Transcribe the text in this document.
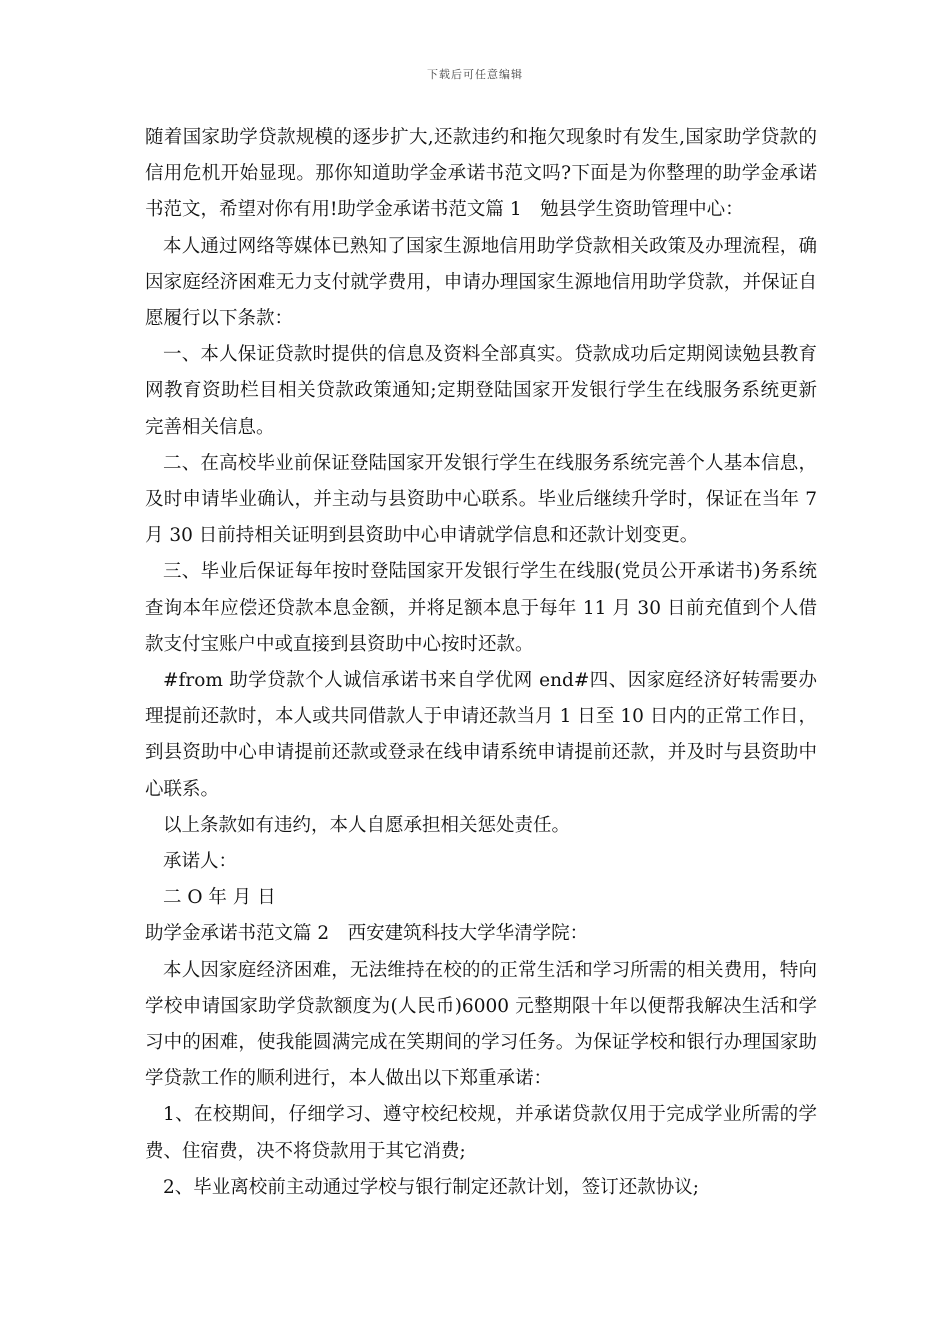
下载后可任意编辑

随着国家助学贷款规模的逐步扩大,还款违约和拖欠现象时有发生,国家助学贷款的信用危机开始显现。那你知道助学金承诺书范文吗?下面是为你整理的助学金承诺书范文，希望对你有用!助学金承诺书范文篇 1　勉县学生资助管理中心：

本人通过网络等媒体已熟知了国家生源地信用助学贷款相关政策及办理流程，确因家庭经济困难无力支付就学费用，申请办理国家生源地信用助学贷款，并保证自愿履行以下条款：

一、本人保证贷款时提供的信息及资料全部真实。贷款成功后定期阅读勉县教育网教育资助栏目相关贷款政策通知;定期登陆国家开发银行学生在线服务系统更新完善相关信息。

二、在高校毕业前保证登陆国家开发银行学生在线服务系统完善个人基本信息，及时申请毕业确认，并主动与县资助中心联系。毕业后继续升学时，保证在当年 7 月 30 日前持相关证明到县资助中心申请就学信息和还款计划变更。

三、毕业后保证每年按时登陆国家开发银行学生在线服(党员公开承诺书)务系统查询本年应偿还贷款本息金额，并将足额本息于每年 11 月 30 日前充值到个人借款支付宝账户中或直接到县资助中心按时还款。

#from 助学贷款个人诚信承诺书来自学优网 end#四、因家庭经济好转需要办理提前还款时，本人或共同借款人于申请还款当月 1 日至 10 日内的正常工作日，到县资助中心申请提前还款或登录在线申请系统申请提前还款，并及时与县资助中心联系。

以上条款如有违约，本人自愿承担相关惩处责任。

承诺人：

二 O 年 月 日

助学金承诺书范文篇 2　西安建筑科技大学华清学院：

本人因家庭经济困难，无法维持在校的的正常生活和学习所需的相关费用，特向学校申请国家助学贷款额度为(人民币)6000 元整期限十年以便帮我解决生活和学习中的困难，使我能圆满完成在笑期间的学习任务。为保证学校和银行办理国家助学贷款工作的顺利进行，本人做出以下郑重承诺：

1、在校期间，仔细学习、遵守校纪校规，并承诺贷款仅用于完成学业所需的学费、住宿费，决不将贷款用于其它消费;

2、毕业离校前主动通过学校与银行制定还款计划，签订还款协议;
